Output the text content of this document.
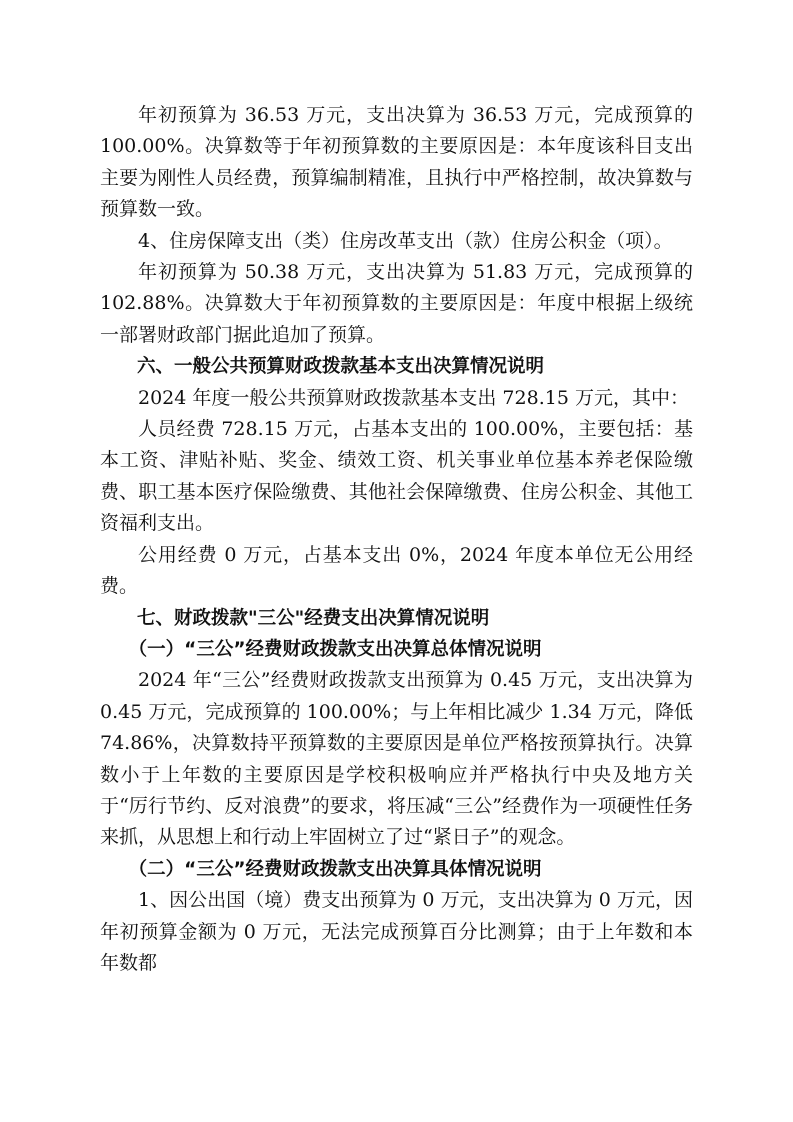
年初预算为 36.53 万元，支出决算为 36.53 万元，完成预算的100.00%。决算数等于年初预算数的主要原因是：本年度该科目支出主要为刚性人员经费，预算编制精准，且执行中严格控制，故决算数与预算数一致。

4、住房保障支出（类）住房改革支出（款）住房公积金（项）。

年初预算为 50.38 万元，支出决算为 51.83 万元，完成预算的102.88%。决算数大于年初预算数的主要原因是：年度中根据上级统一部署财政部门据此追加了预算。

六、一般公共预算财政拨款基本支出决算情况说明

2024 年度一般公共预算财政拨款基本支出 728.15 万元，其中：

人员经费 728.15 万元，占基本支出的 100.00%，主要包括：基本工资、津贴补贴、奖金、绩效工资、机关事业单位基本养老保险缴费、职工基本医疗保险缴费、其他社会保障缴费、住房公积金、其他工资福利支出。

公用经费 0 万元，占基本支出 0%，2024 年度本单位无公用经费。

七、财政拨款"三公"经费支出决算情况说明

（一）“三公”经费财政拨款支出决算总体情况说明

2024 年“三公”经费财政拨款支出预算为 0.45 万元，支出决算为0.45 万元，完成预算的 100.00%；与上年相比减少 1.34 万元，降低74.86%，决算数持平预算数的主要原因是单位严格按预算执行。决算数小于上年数的主要原因是学校积极响应并严格执行中央及地方关于“厉行节约、反对浪费”的要求，将压减“三公”经费作为一项硬性任务来抓，从思想上和行动上牢固树立了过“紧日子”的观念。

（二）“三公”经费财政拨款支出决算具体情况说明

1、因公出国（境）费支出预算为 0 万元，支出决算为 0 万元，因年初预算金额为 0 万元，无法完成预算百分比测算；由于上年数和本年数都
